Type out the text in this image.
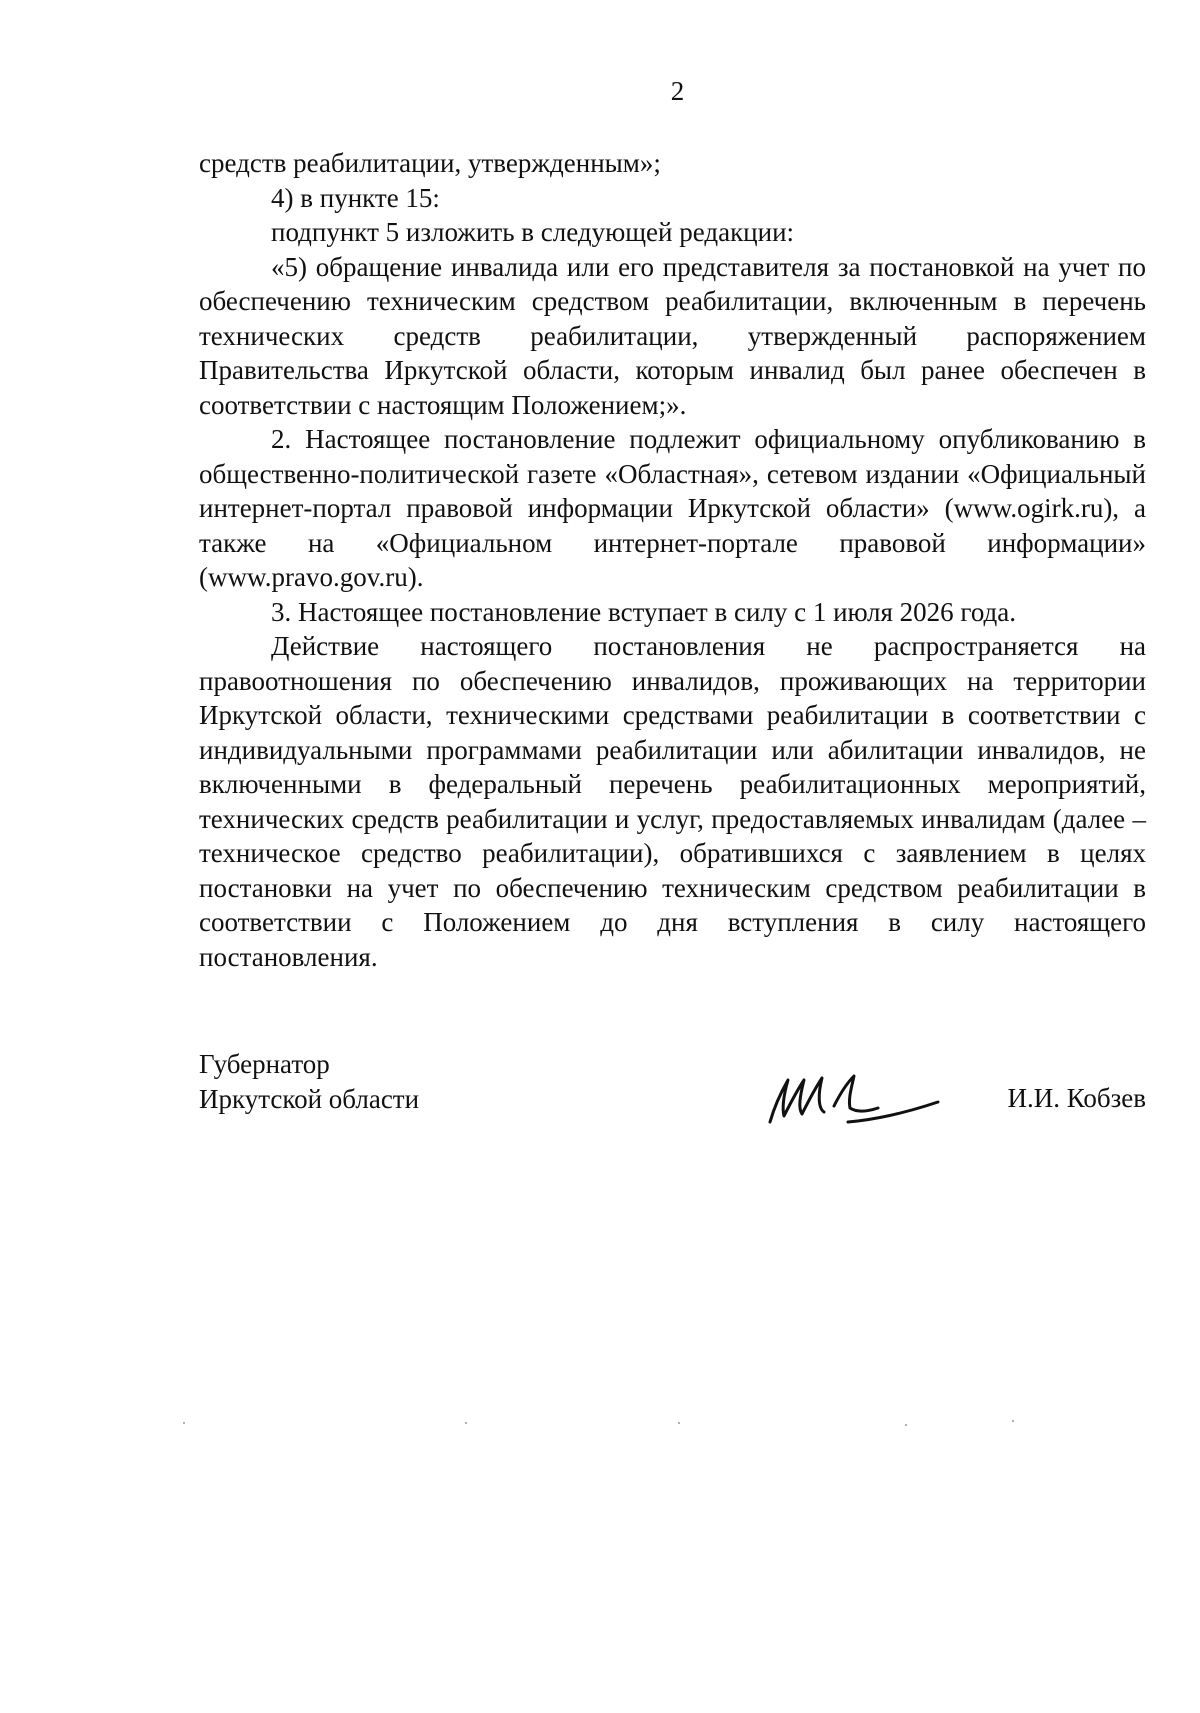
2

средств реабилитации, утвержденным»;

4) в пункте 15:

подпункт 5 изложить в следующей редакции:

«5) обращение инвалида или его представителя за постановкой на учет по обеспечению техническим средством реабилитации, включенным в перечень технических средств реабилитации, утвержденный распоряжением Правительства Иркутской области, которым инвалид был ранее обеспечен в соответствии с настоящим Положением;».

2. Настоящее постановление подлежит официальному опубликованию в общественно-политической газете «Областная», сетевом издании «Официальный интернет-портал правовой информации Иркутской области» (www.ogirk.ru), а также на «Официальном интернет-портале правовой информации» (www.pravo.gov.ru).

3. Настоящее постановление вступает в силу с 1 июля 2026 года.

Действие настоящего постановления не распространяется на правоотношения по обеспечению инвалидов, проживающих на территории Иркутской области, техническими средствами реабилитации в соответствии с индивидуальными программами реабилитации или абилитации инвалидов, не включенными в федеральный перечень реабилитационных мероприятий, технических средств реабилитации и услуг, предоставляемых инвалидам (далее – техническое средство реабилитации), обратившихся с заявлением в целях постановки на учет по обеспечению техническим средством реабилитации в соответствии с Положением до дня вступления в силу настоящего постановления.

Губернатор
Иркутской области	И.И. Кобзев
